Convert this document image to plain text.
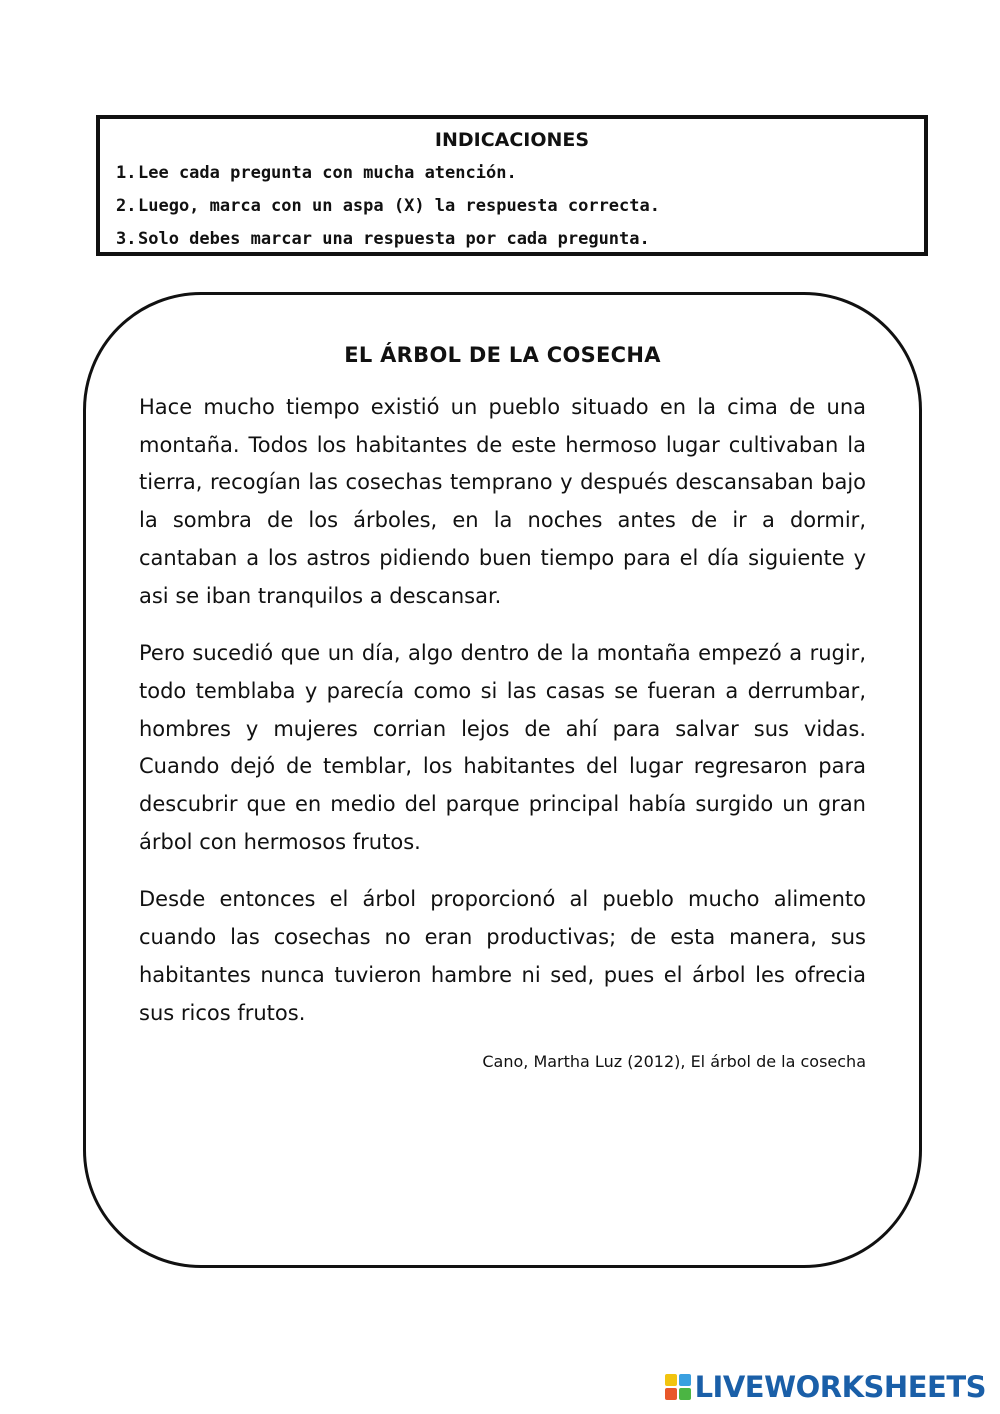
INDICACIONES
1.Lee cada pregunta con mucha atención.
2.Luego, marca con un aspa (X) la respuesta correcta.
3.Solo debes marcar una respuesta por cada pregunta.
EL ÁRBOL DE LA COSECHA

Hace mucho tiempo existió un pueblo situado en la cima de una montaña. Todos los habitantes de este hermoso lugar cultivaban la tierra, recogían las cosechas temprano y después descansaban bajo la sombra de los árboles, en la noches antes de ir a dormir, cantaban a los astros pidiendo buen tiempo para el día siguiente y asi se iban tranquilos a descansar.

Pero sucedió que un día, algo dentro de la montaña empezó a rugir, todo temblaba y parecía como si las casas se fueran a derrumbar, hombres y mujeres corrian lejos de ahí para salvar sus vidas. Cuando dejó de temblar, los habitantes del lugar regresaron para descubrir que en medio del parque principal había surgido un gran árbol con hermosos frutos.

Desde entonces el árbol proporcionó al pueblo mucho alimento cuando las cosechas no eran productivas; de esta manera, sus habitantes nunca tuvieron hambre ni sed, pues el árbol les ofrecia sus ricos frutos.

Cano, Martha Luz (2012), El árbol de la cosecha
LIVEWORKSHEETS
